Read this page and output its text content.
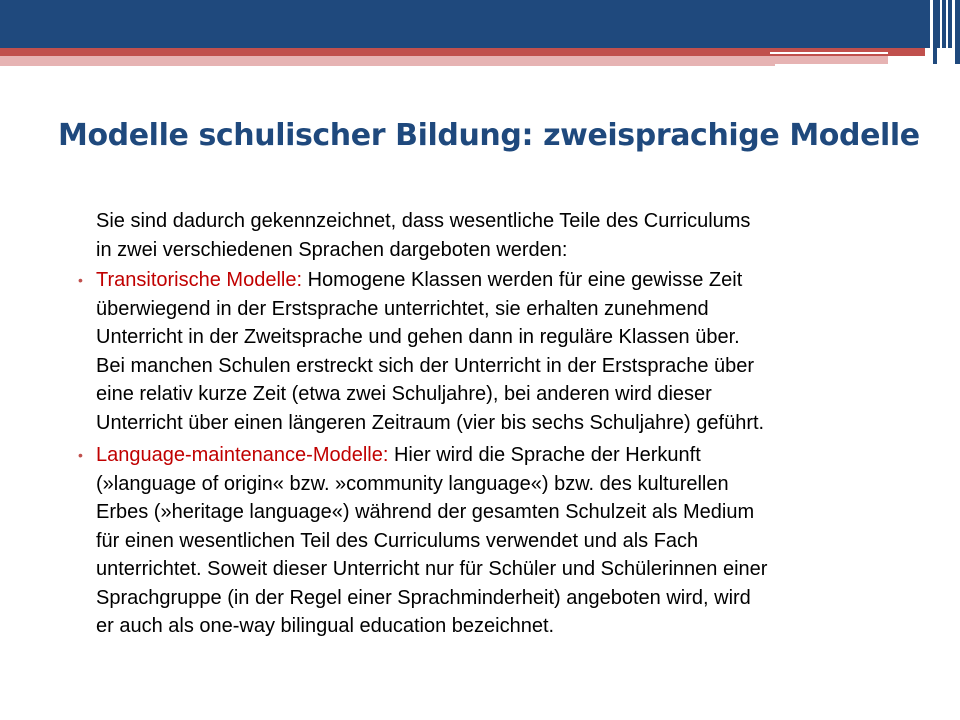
Modelle schulischer Bildung: zweisprachige Modelle

Sie sind dadurch gekennzeichnet, dass wesentliche Teile des Curriculums
in zwei verschiedenen Sprachen dargeboten werden:

• Transitorische Modelle: Homogene Klassen werden für eine gewisse Zeit
überwiegend in der Erstsprache unterrichtet, sie erhalten zunehmend
Unterricht in der Zweitsprache und gehen dann in reguläre Klassen über.
Bei manchen Schulen erstreckt sich der Unterricht in der Erstsprache über
eine relativ kurze Zeit (etwa zwei Schuljahre), bei anderen wird dieser
Unterricht über einen längeren Zeitraum (vier bis sechs Schuljahre) geführt.

• Language-maintenance-Modelle: Hier wird die Sprache der Herkunft
(»language of origin« bzw. »community language«) bzw. des kulturellen
Erbes (»heritage language«) während der gesamten Schulzeit als Medium
für einen wesentlichen Teil des Curriculums verwendet und als Fach
unterrichtet. Soweit dieser Unterricht nur für Schüler und Schülerinnen einer
Sprachgruppe (in der Regel einer Sprachminderheit) angeboten wird, wird
er auch als one-way bilingual education bezeichnet.
